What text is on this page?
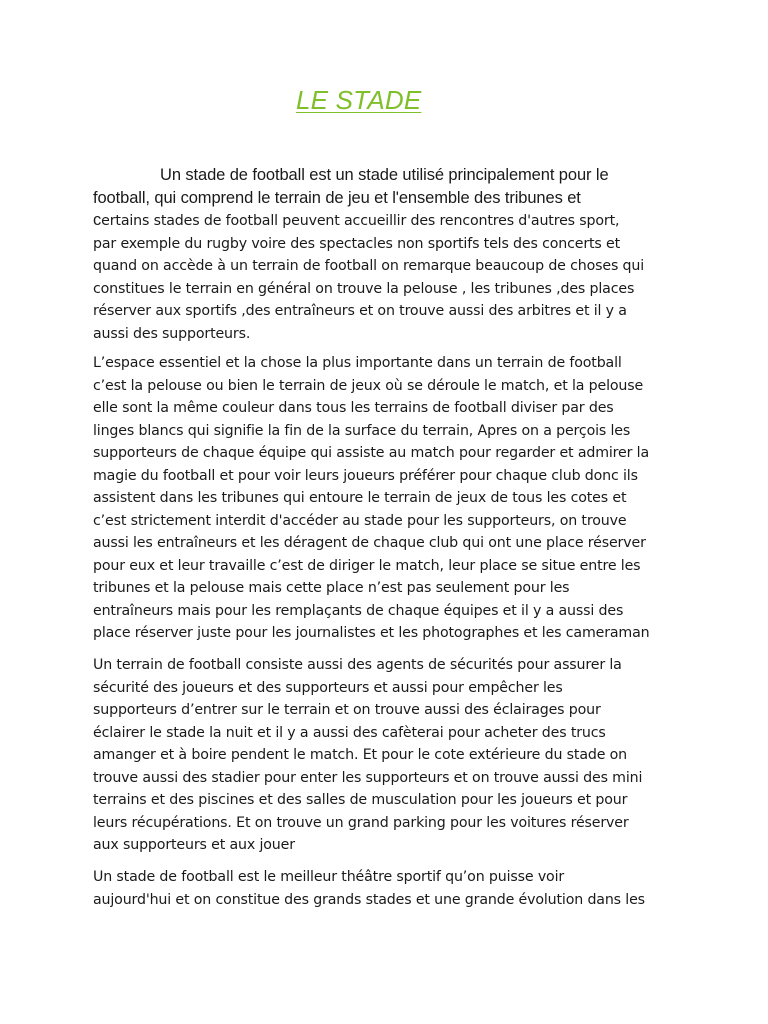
LE STADE
Un stade de football est un stade utilisé principalement pour le
football, qui comprend le terrain de jeu et l'ensemble des tribunes et
certains stades de football peuvent accueillir des rencontres d'autres sport,
par exemple du rugby voire des spectacles non sportifs tels des concerts et
quand on accède à un terrain de football on remarque beaucoup de choses qui
constitues le terrain en général on trouve la pelouse , les tribunes ,des places
réserver aux sportifs ,des entraîneurs et on trouve aussi des arbitres et il y a
aussi des supporteurs.
L’espace essentiel et la chose la plus importante dans un terrain de football
c’est la pelouse ou bien le terrain de jeux où se déroule le match, et la pelouse
elle sont la même couleur dans tous les terrains de football diviser par des
linges blancs qui signifie la fin de la surface du terrain, Apres on a perçois les
supporteurs de chaque équipe qui assiste au match pour regarder et admirer la
magie du football et pour voir leurs joueurs préférer pour chaque club donc ils
assistent dans les tribunes qui entoure le terrain de jeux de tous les cotes et
c’est strictement interdit d'accéder au stade pour les supporteurs, on trouve
aussi les entraîneurs et les déragent de chaque club qui ont une place réserver
pour eux et leur travaille c’est de diriger le match, leur place se situe entre les
tribunes et la pelouse mais cette place n’est pas seulement pour les
entraîneurs mais pour les remplaçants de chaque équipes et il y a aussi des
place réserver juste pour les journalistes et les photographes et les cameraman
Un terrain de football consiste aussi des agents de sécurités pour assurer la
sécurité des joueurs et des supporteurs et aussi pour empêcher les
supporteurs d’entrer sur le terrain et on trouve aussi des éclairages pour
éclairer le stade la nuit et il y a aussi des cafèterai pour acheter des trucs
amanger et à boire pendent le match. Et pour le cote extérieure du stade on
trouve aussi des stadier pour enter les supporteurs et on trouve aussi des mini
terrains et des piscines et des salles de musculation pour les joueurs et pour
leurs récupérations. Et on trouve un grand parking pour les voitures réserver
aux supporteurs et aux jouer
Un stade de football est le meilleur théâtre sportif qu’on puisse voir
aujourd'hui et on constitue des grands stades et une grande évolution dans les
